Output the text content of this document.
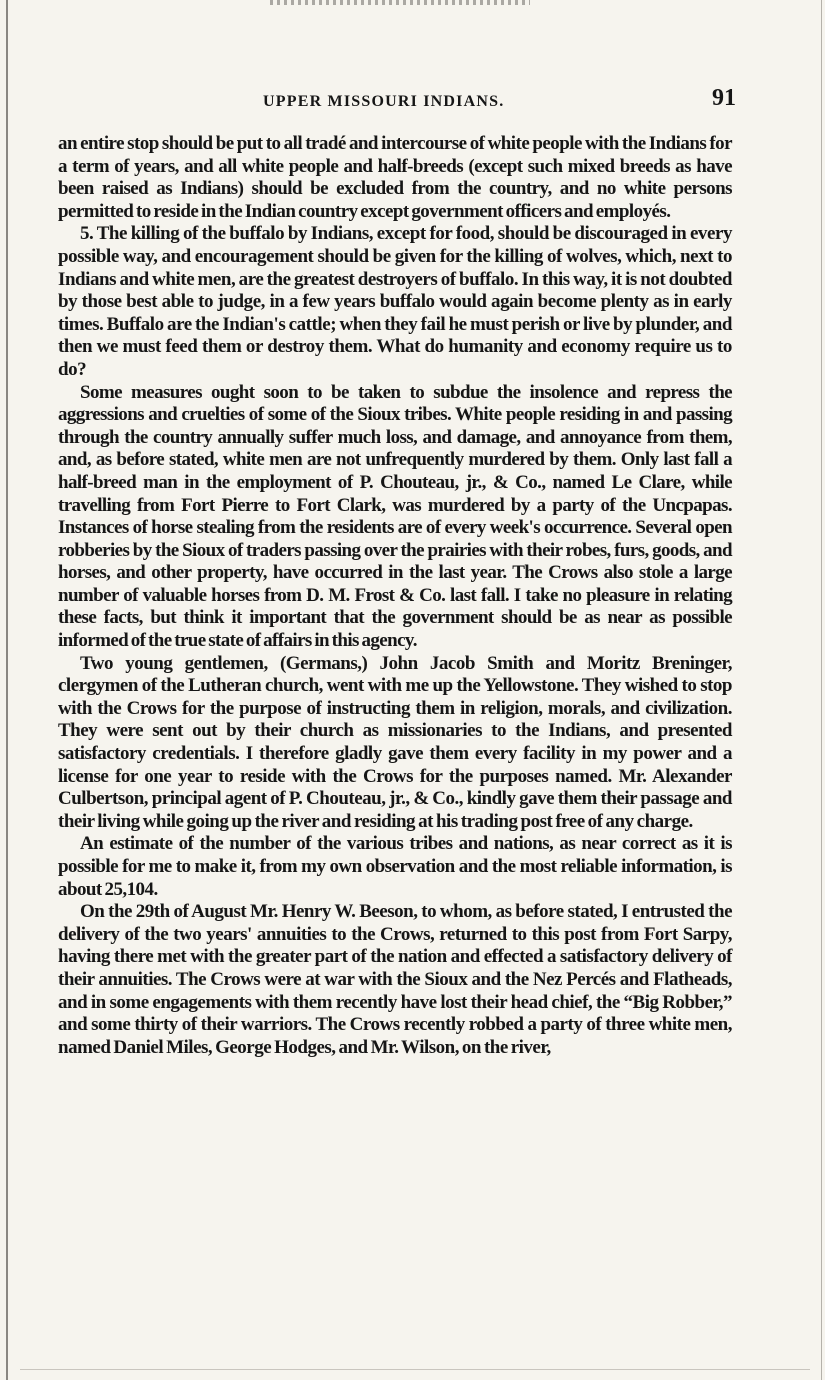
UPPER MISSOURI INDIANS.	91

an entire stop should be put to all tradé and intercourse of white people with the Indians for a term of years, and all white people and half-breeds (except such mixed breeds as have been raised as Indians) should be excluded from the country, and no white persons permitted to reside in the Indian country except government officers and employés.

5. The killing of the buffalo by Indians, except for food, should be discouraged in every possible way, and encouragement should be given for the killing of wolves, which, next to Indians and white men, are the greatest destroyers of buffalo. In this way, it is not doubted by those best able to judge, in a few years buffalo would again become plenty as in early times. Buffalo are the Indian's cattle; when they fail he must perish or live by plunder, and then we must feed them or destroy them. What do humanity and economy require us to do?

Some measures ought soon to be taken to subdue the insolence and repress the aggressions and cruelties of some of the Sioux tribes. White people residing in and passing through the country annually suffer much loss, and damage, and annoyance from them, and, as before stated, white men are not unfrequently murdered by them. Only last fall a half-breed man in the employment of P. Chouteau, jr., & Co., named Le Clare, while travelling from Fort Pierre to Fort Clark, was murdered by a party of the Uncpapas. Instances of horse stealing from the residents are of every week's occurrence. Several open robberies by the Sioux of traders passing over the prairies with their robes, furs, goods, and horses, and other property, have occurred in the last year. The Crows also stole a large number of valuable horses from D. M. Frost & Co. last fall. I take no pleasure in relating these facts, but think it important that the government should be as near as possible informed of the true state of affairs in this agency.

Two young gentlemen, (Germans,) John Jacob Smith and Moritz Breninger, clergymen of the Lutheran church, went with me up the Yellowstone. They wished to stop with the Crows for the purpose of instructing them in religion, morals, and civilization. They were sent out by their church as missionaries to the Indians, and presented satisfactory credentials. I therefore gladly gave them every facility in my power and a license for one year to reside with the Crows for the purposes named. Mr. Alexander Culbertson, principal agent of P. Chouteau, jr., & Co., kindly gave them their passage and their living while going up the river and residing at his trading post free of any charge.

An estimate of the number of the various tribes and nations, as near correct as it is possible for me to make it, from my own observation and the most reliable information, is about 25,104.

On the 29th of August Mr. Henry W. Beeson, to whom, as before stated, I entrusted the delivery of the two years' annuities to the Crows, returned to this post from Fort Sarpy, having there met with the greater part of the nation and effected a satisfactory delivery of their annuities. The Crows were at war with the Sioux and the Nez Percés and Flatheads, and in some engagements with them recently have lost their head chief, the “Big Robber,” and some thirty of their warriors. The Crows recently robbed a party of three white men, named Daniel Miles, George Hodges, and Mr. Wilson, on the river,
